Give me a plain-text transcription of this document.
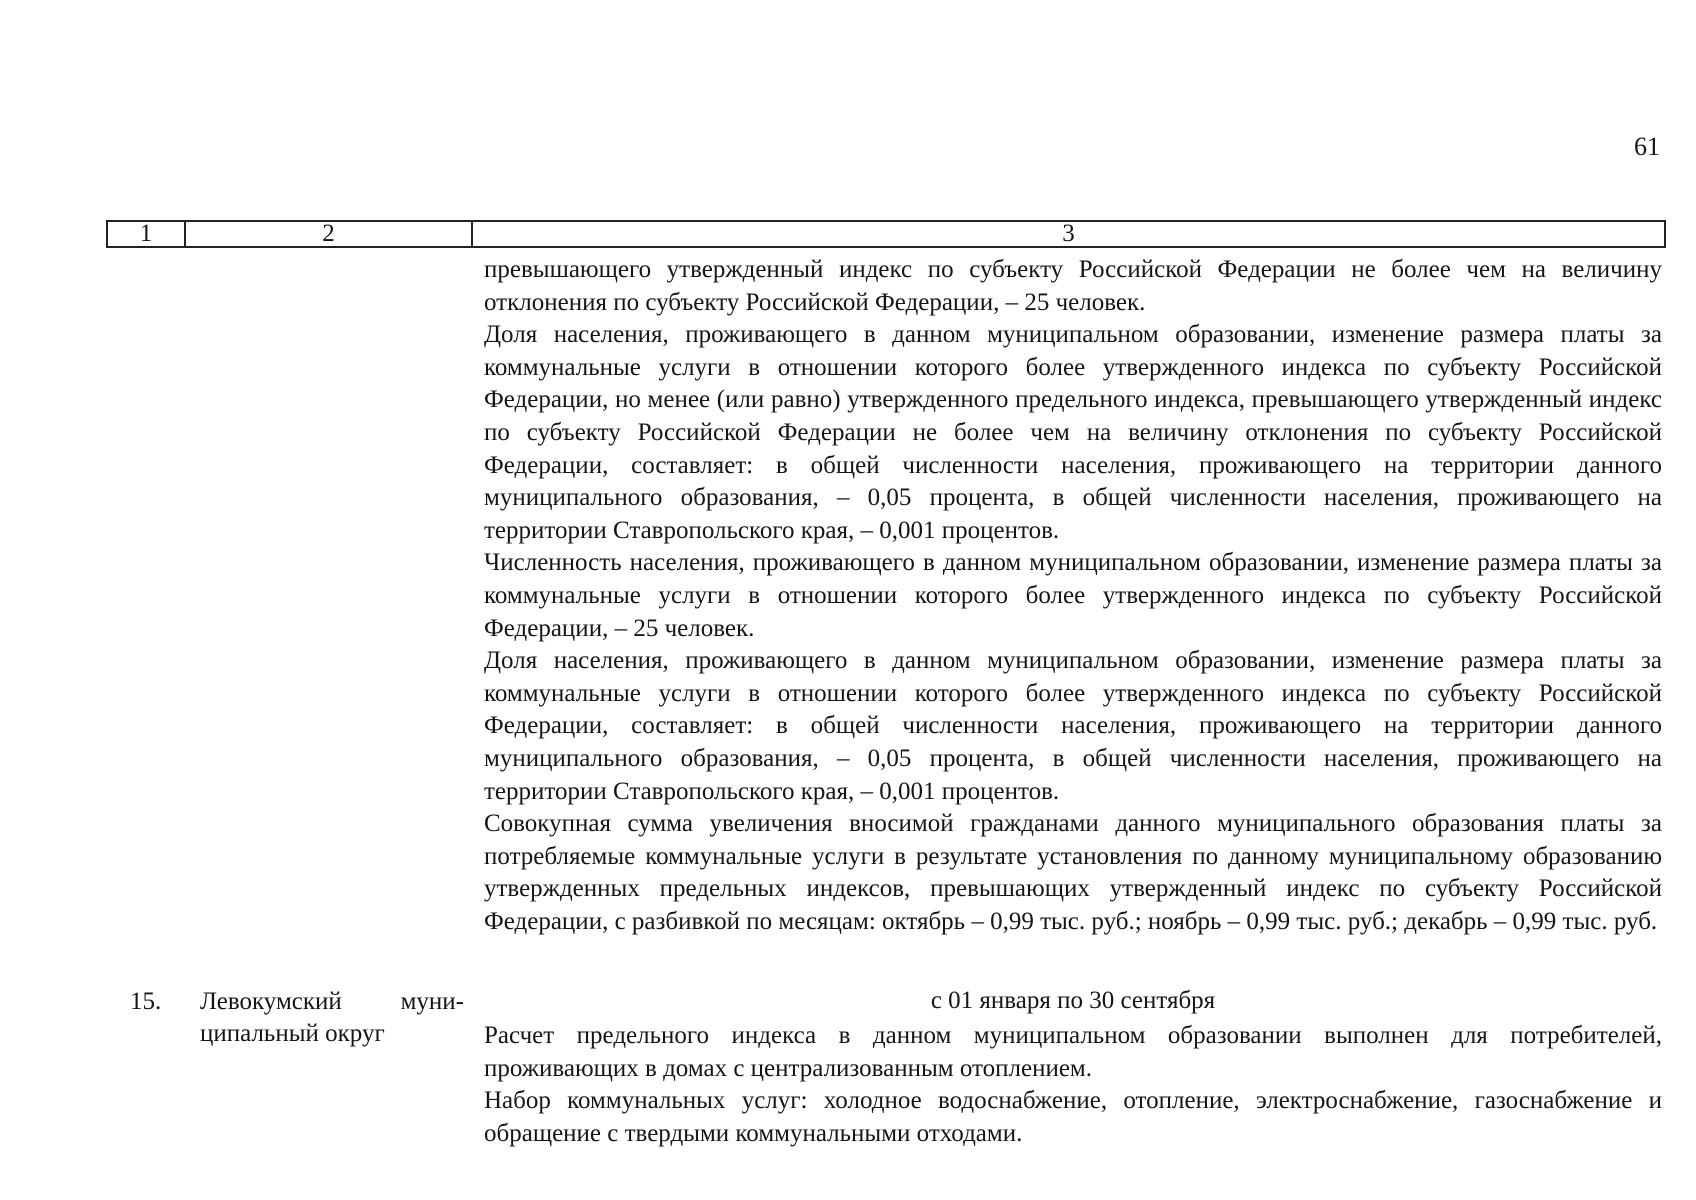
61
1	2	3

превышающего утвержденный индекс по субъекту Российской Федерации не более чем на величину отклонения по субъекту Российской Федерации, – 25 человек.

Доля населения, проживающего в данном муниципальном образовании, изменение размера платы за коммунальные услуги в отношении которого более утвержденного индекса по субъекту Российской Федерации, но менее (или равно) утвержденного предельного индекса, превышающего утвержденный индекс по субъекту Российской Федерации не более чем на величину отклонения по субъекту Российской Федерации, составляет: в общей численности населения, проживающего на территории данного муниципального образования, – 0,05 процента, в общей численности населения, проживающего на территории Ставропольского края, – 0,001 процентов.

Численность населения, проживающего в данном муниципальном образовании, изменение размера платы за коммунальные услуги в отношении которого более утвержденного индекса по субъекту Российской Федерации, – 25 человек.

Доля населения, проживающего в данном муниципальном образовании, изменение размера платы за коммунальные услуги в отношении которого более утвержденного индекса по субъекту Российской Федерации, составляет: в общей численности населения, проживающего на территории данного муниципального образования, – 0,05 процента, в общей численности населения, проживающего на территории Ставропольского края, – 0,001 процентов.

Совокупная сумма увеличения вносимой гражданами данного муниципального образования платы за потребляемые коммунальные услуги в результате установления по данному муниципальному образованию утвержденных предельных индексов, превышающих утвержденный индекс по субъекту Российской Федерации, с разбивкой по месяцам: октябрь – 0,99 тыс. руб.; ноябрь – 0,99 тыс. руб.; декабрь – 0,99 тыс. руб.

15. Левокумский муни-
ципальный округ
с 01 января по 30 сентября

Расчет предельного индекса в данном муниципальном образовании выполнен для потребителей, проживающих в домах с централизованным отоплением.

Набор коммунальных услуг: холодное водоснабжение, отопление, электроснабжение, газоснабжение и обращение с твердыми коммунальными отходами.
